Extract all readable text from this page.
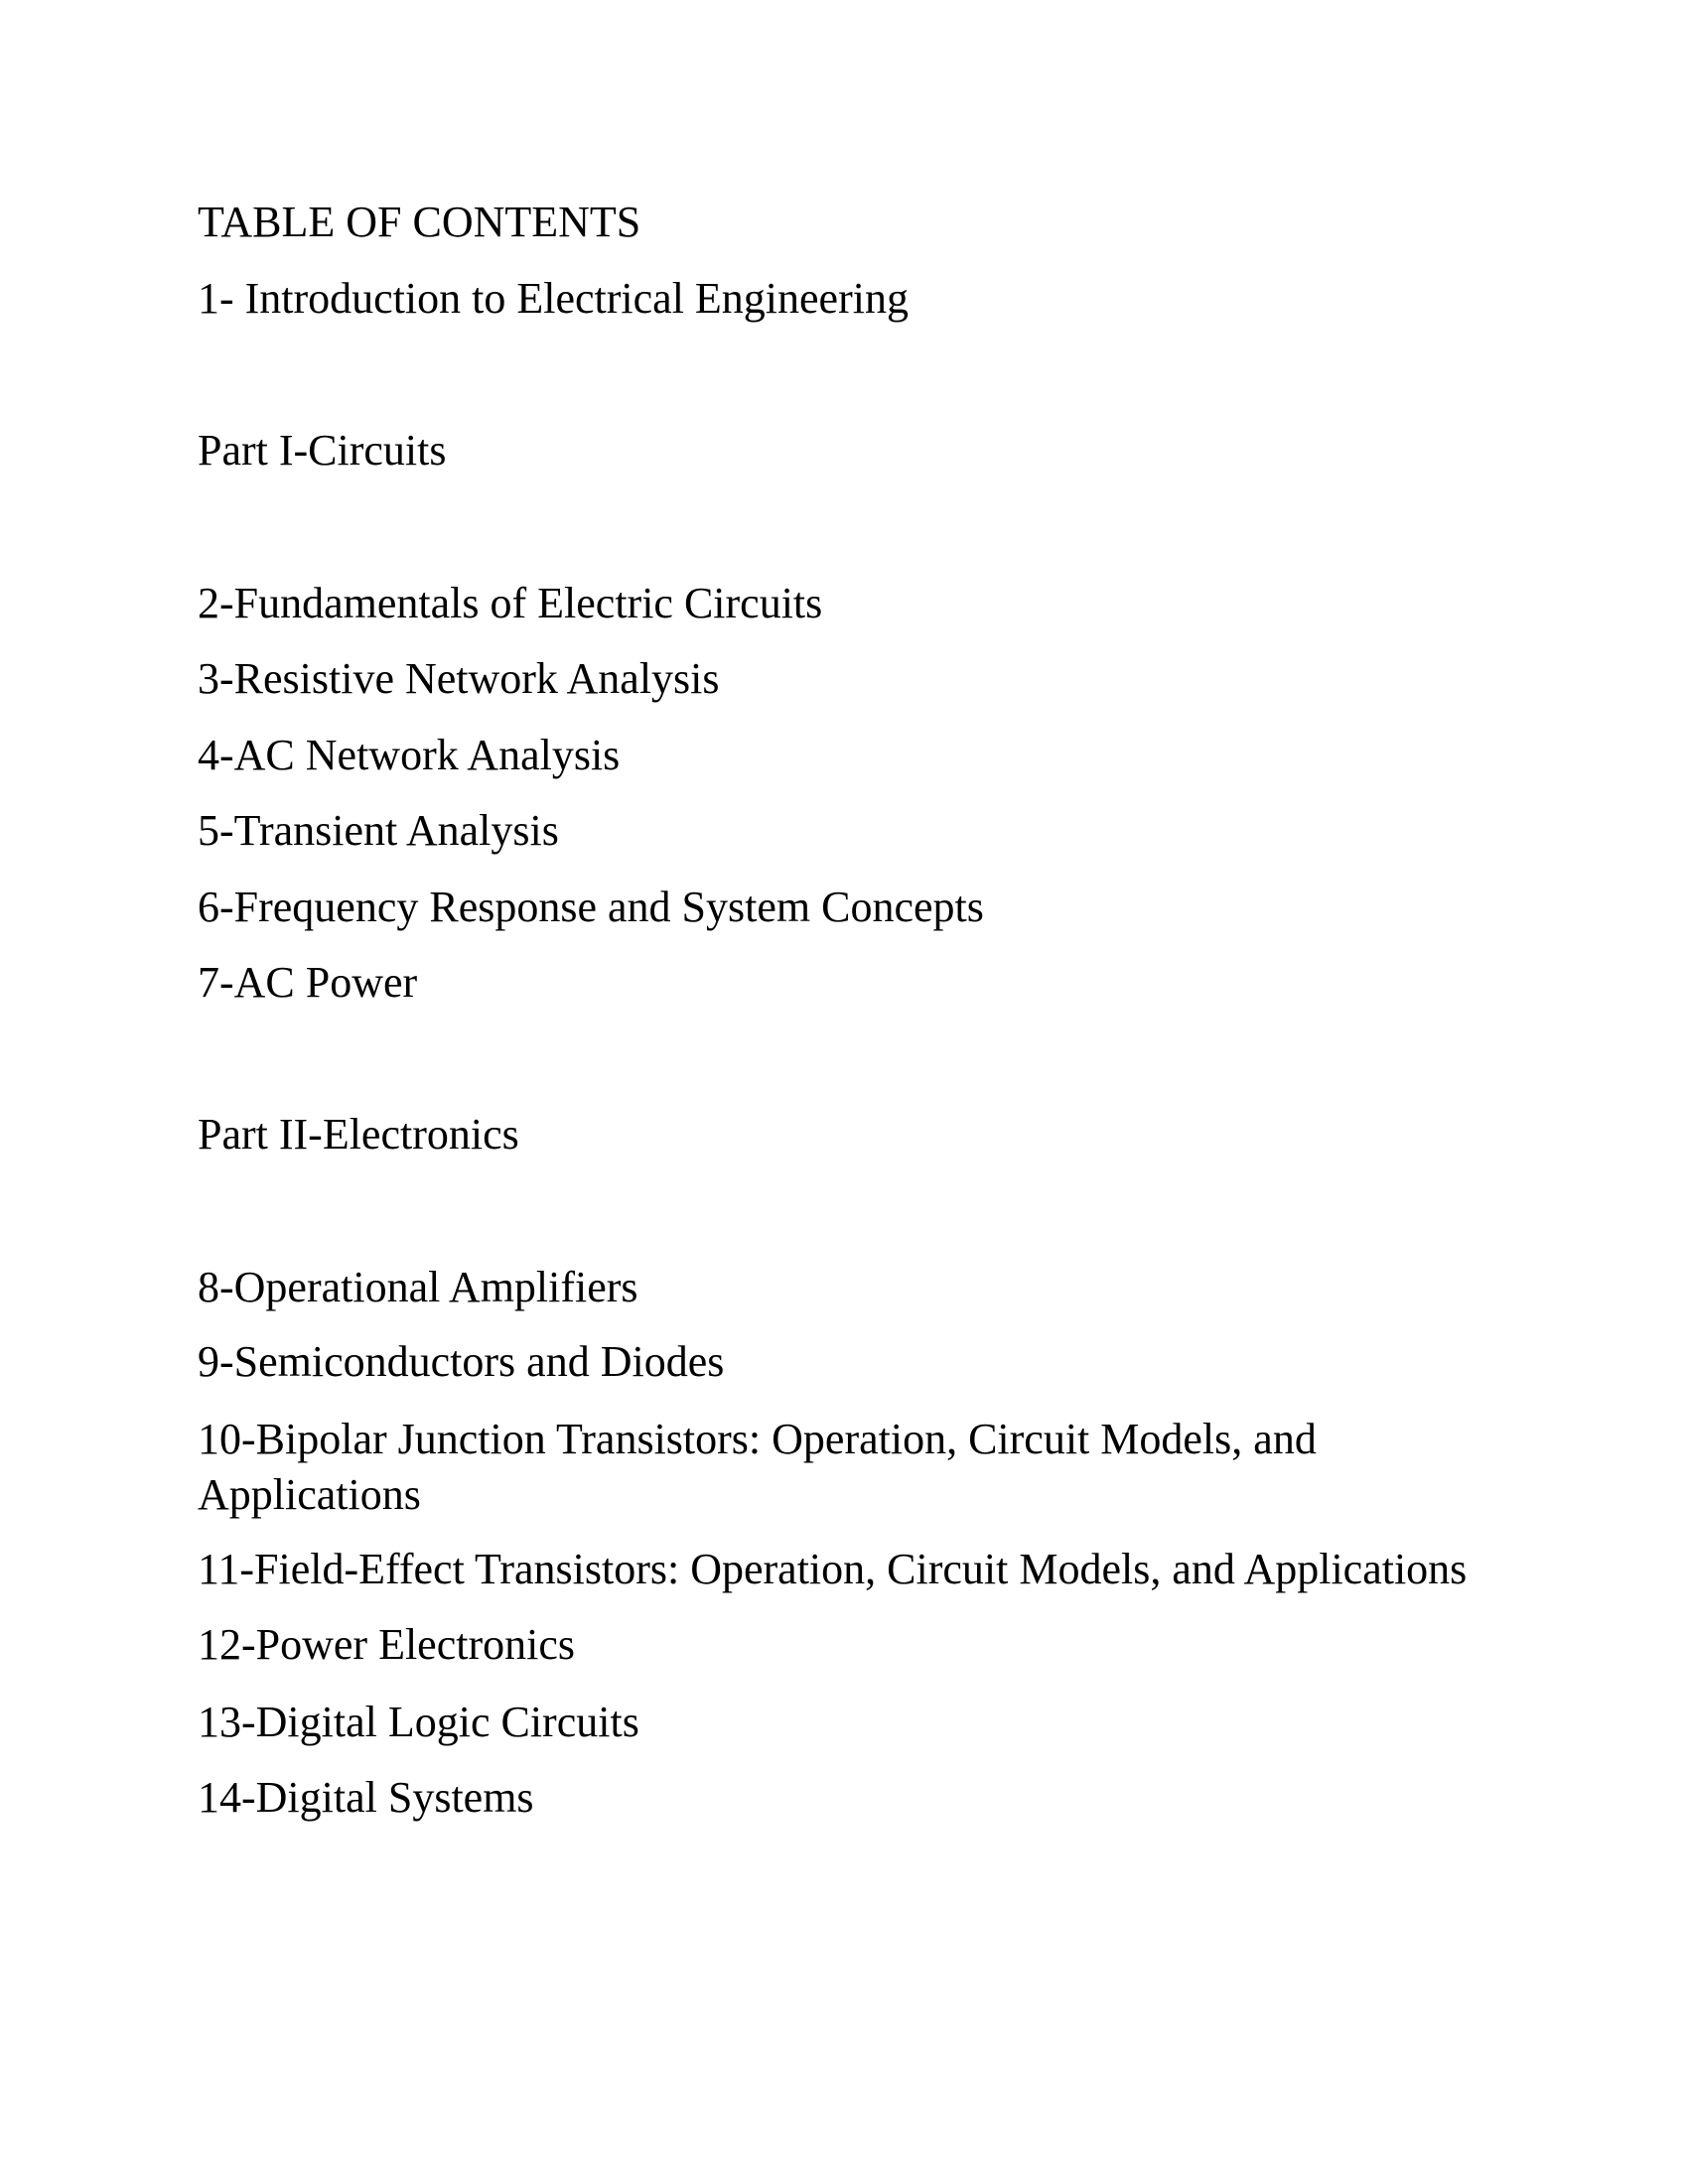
TABLE OF CONTENTS
1- Introduction to Electrical Engineering
Part I-Circuits
2-Fundamentals of Electric Circuits
3-Resistive Network Analysis
4-AC Network Analysis
5-Transient Analysis
6-Frequency Response and System Concepts
7-AC Power
Part II-Electronics
8-Operational Amplifiers
9-Semiconductors and Diodes
10-Bipolar Junction Transistors: Operation, Circuit Models, and
Applications
11-Field-Effect Transistors: Operation, Circuit Models, and Applications
12-Power Electronics
13-Digital Logic Circuits
14-Digital Systems
